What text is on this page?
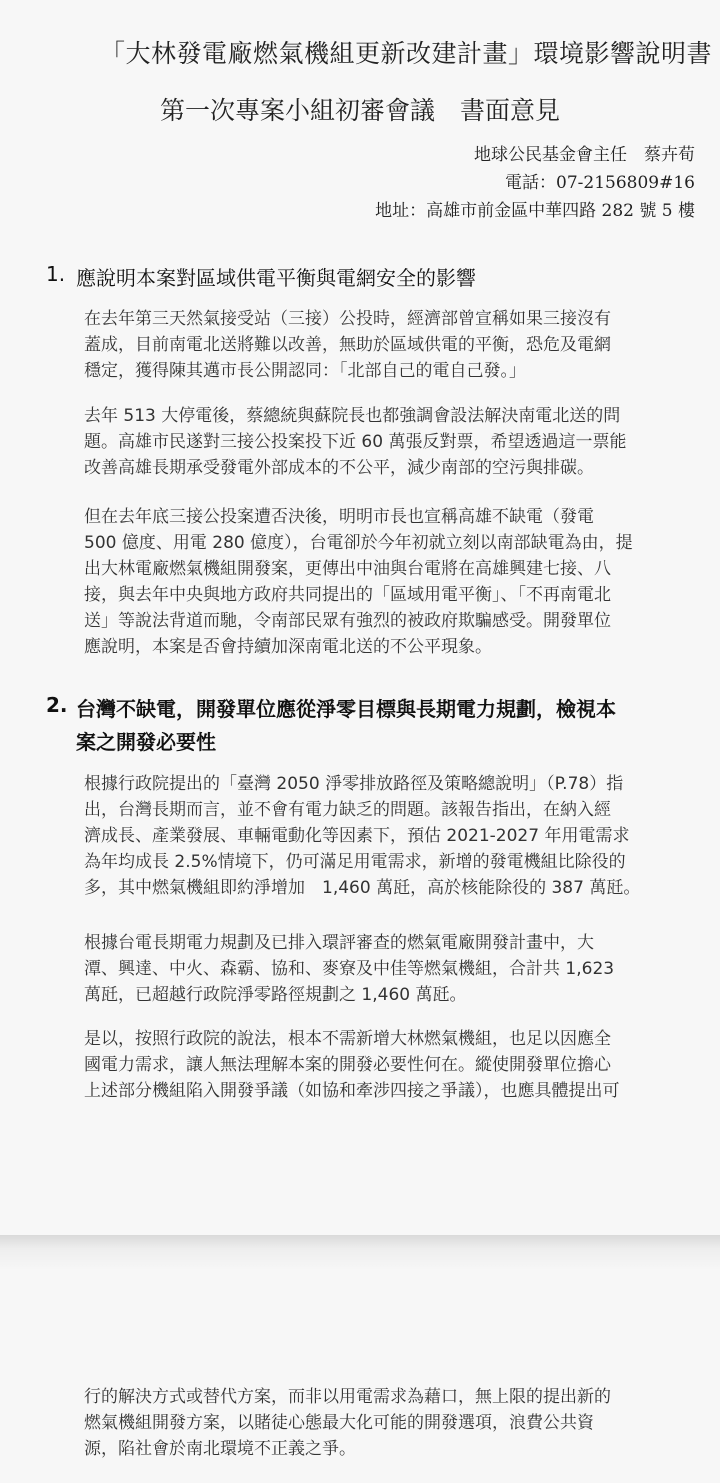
「大林發電廠燃氣機組更新改建計畫」環境影響說明書
第一次專案小組初審會議　書面意見
地球公民基金會主任　蔡卉荀
電話：07-2156809#16
地址：高雄市前金區中華四路 282 號 5 樓
1. 應說明本案對區域供電平衡與電網安全的影響
在去年第三天然氣接受站（三接）公投時，經濟部曾宣稱如果三接沒有
蓋成，目前南電北送將難以改善，無助於區域供電的平衡，恐危及電網
穩定，獲得陳其邁市長公開認同：「北部自己的電自己發。」
去年 513 大停電後，蔡總統與蘇院長也都強調會設法解決南電北送的問
題。高雄市民遂對三接公投案投下近 60 萬張反對票，希望透過這一票能
改善高雄長期承受發電外部成本的不公平，減少南部的空污與排碳。
但在去年底三接公投案遭否決後，明明市長也宣稱高雄不缺電（發電
500 億度、用電 280 億度），台電卻於今年初就立刻以南部缺電為由，提
出大林電廠燃氣機組開發案，更傳出中油與台電將在高雄興建七接、八
接，與去年中央與地方政府共同提出的「區域用電平衡」、「不再南電北
送」等說法背道而馳，令南部民眾有強烈的被政府欺騙感受。開發單位
應說明，本案是否會持續加深南電北送的不公平現象。
2. 台灣不缺電，開發單位應從淨零目標與長期電力規劃，檢視本
案之開發必要性
根據行政院提出的「臺灣 2050 淨零排放路徑及策略總說明」（P.78）指
出，台灣長期而言，並不會有電力缺乏的問題。該報告指出，在納入經
濟成長、產業發展、車輛電動化等因素下，預估 2021-2027 年用電需求
為年均成長 2.5%情境下，仍可滿足用電需求，新增的發電機組比除役的
多，其中燃氣機組即約淨增加　1,460 萬瓩，高於核能除役的 387 萬瓩。
根據台電長期電力規劃及已排入環評審查的燃氣電廠開發計畫中，大
潭、興達、中火、森霸、協和、麥寮及中佳等燃氣機組，合計共 1,623
萬瓩，已超越行政院淨零路徑規劃之 1,460 萬瓩。
是以，按照行政院的說法，根本不需新增大林燃氣機組，也足以因應全
國電力需求，讓人無法理解本案的開發必要性何在。縱使開發單位擔心
上述部分機組陷入開發爭議（如協和牽涉四接之爭議），也應具體提出可
行的解決方式或替代方案，而非以用電需求為藉口，無上限的提出新的
燃氣機組開發方案，以賭徒心態最大化可能的開發選項，浪費公共資
源，陷社會於南北環境不正義之爭。
